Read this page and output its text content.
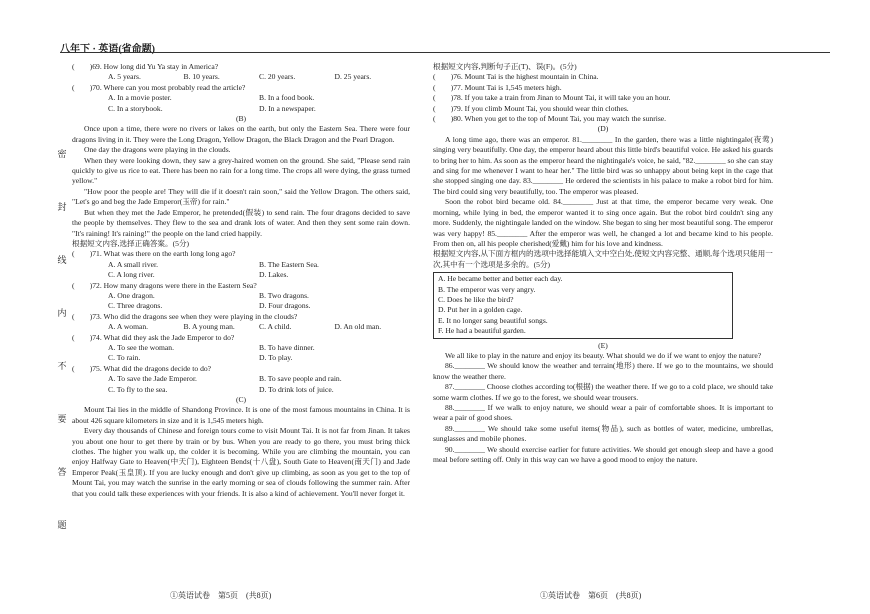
八年下 · 英语(省命题)
密
封
线
内
不
要
答
题
(　　)69. How long did Yu Ya stay in America?
A. 5 years.	B. 10 years.	C. 20 years.	D. 25 years.
(　　)70. Where can you most probably read the article?
A. In a movie poster.	B. In a food book.
C. In a storybook.	D. In a newspaper.
(B)
Once upon a time, there were no rivers or lakes on the earth, but only the Eastern Sea. There were four dragons living in it. They were the Long Dragon, Yellow Dragon, the Black Dragon and the Pearl Dragon.
One day the dragons were playing in the clouds.
When they were looking down, they saw a grey-haired women on the ground. She said, "Please send rain quickly to give us rice to eat. There has been no rain for a long time. The crops all were dying, the grass turned yellow."
"How poor the people are! They will die if it doesn't rain soon," said the Yellow Dragon. The others said, "Let's go and beg the Jade Emperor(玉帝) for rain."
But when they met the Jade Emperor, he pretended(假装) to send rain. The four dragons decided to save the people by themselves. They flew to the sea and drank lots of water. And then they sent some rain down. "It's raining! It's raining!" the people on the land cried happily.
根据短文内容,选择正确答案。(5分)
(　　)71. What was there on the earth long long ago?
A. A small river.	B. The Eastern Sea.
C. A long river.	D. Lakes.
(　　)72. How many dragons were there in the Eastern Sea?
A. One dragon.	B. Two dragons.
C. Three dragons.	D. Four dragons.
(　　)73. Who did the dragons see when they were playing in the clouds?
A. A woman.	B. A young man.	C. A child.	D. An old man.
(　　)74. What did they ask the Jade Emperor to do?
A. To see the woman.	B. To have dinner.
C. To rain.	D. To play.
(　　)75. What did the dragons decide to do?
A. To save the Jade Emperor.	B. To save people and rain.
C. To fly to the sea.	D. To drink lots of juice.
(C)
Mount Tai lies in the middle of Shandong Province. It is one of the most famous mountains in China. It is about 426 square kilometers in size and it is 1,545 meters high.
Every day thousands of Chinese and foreign tours come to visit Mount Tai. It is not far from Jinan. It takes you about one hour to get there by train or by bus. When you are ready to go there, you must bring thick clothes. The higher you walk up, the colder it is becoming. While you are climbing the mountain, you can enjoy Halfway Gate to Heaven(中天门), Eighteen Bends(十八盘), South Gate to Heaven(南天门) and Jade Emperor Peak(玉皇顶). If you are lucky enough and don't give up climbing, as soon as you get to the top of Mount Tai, you may watch the sunrise in the early morning or sea of clouds following the summer rain. After that you could talk these experiences with your friends. It is also a kind of achievement. You'll never forget it.
①英语试卷　第5页　(共8页)
根据短文内容,判断句子正(T)、误(F)。(5分)
(　　)76. Mount Tai is the highest mountain in China.
(　　)77. Mount Tai is 1,545 meters high.
(　　)78. If you take a train from Jinan to Mount Tai, it will take you an hour.
(　　)79. If you climb Mount Tai, you should wear thin clothes.
(　　)80. When you get to the top of Mount Tai, you may watch the sunrise.
(D)
A long time ago, there was an emperor. 81.________ In the garden, there was a little nightingale(夜莺) singing very beautifully. One day, the emperor heard about this little bird's beautiful voice. He asked his guards to bring her to him. As soon as the emperor heard the nightingale's voice, he said, "82.________ so she can stay and sing for me whenever I want to hear her." The little bird was so unhappy about being kept in the cage that she stopped singing one day. 83.________ He ordered the scientists in his palace to make a robot bird for him. The bird could sing very beautifully, too. The emperor was pleased.
Soon the robot bird became old. 84.________ Just at that time, the emperor became very weak. One morning, while lying in bed, the emperor wanted it to sing once again. But the robot bird couldn't sing any more. Suddenly, the nightingale landed on the window. She began to sing her most beautiful song. The emperor was very happy! 85.________ After the emperor was well, he changed a lot and became kind to his people. From then on, all his people cherished(爱戴) him for his love and kindness.
根据短文内容,从下面方框内的选项中选择能填入文中空白处,使短文内容完整、通顺,每个选项只能用一次,其中有一个选项是多余的。(5分)
A. He became better and better each day.
B. The emperor was very angry.
C. Does he like the bird?
D. Put her in a golden cage.
E. It no longer sang beautiful songs.
F. He had a beautiful garden.
(E)
We all like to play in the nature and enjoy its beauty. What should we do if we want to enjoy the nature?
86.________ We should know the weather and terrain(地形) there. If we go to the mountains, we should know the weather there.
87.________ Choose clothes according to(根据) the weather there. If we go to a cold place, we should take some warm clothes. If we go to the forest, we should wear trousers.
88.________ If we walk to enjoy nature, we should wear a pair of comfortable shoes. It is important to wear a pair of good shoes.
89.________ We should take some useful items(物品), such as bottles of water, medicine, umbrellas, sunglasses and mobile phones.
90.________ We should exercise earlier for future activities. We should get enough sleep and have a good meal before setting off. Only in this way can we have a good mood to enjoy the nature.
①英语试卷　第6页　(共8页)
